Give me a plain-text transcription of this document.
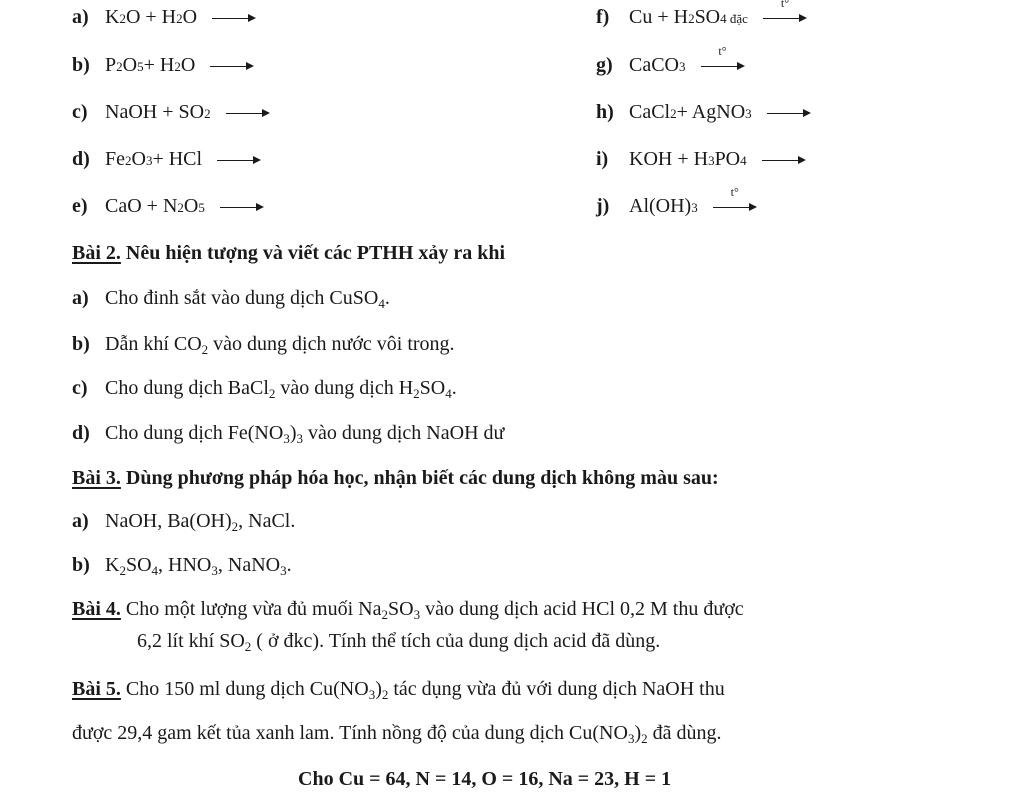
a) K 2 O + H 2 O

b) P 2 O 5 + H 2 O

c) NaOH + SO 2

d) Fe 2 O 3 + HCl

e) CaO + N 2 O 5

f) Cu + H 2 SO 4 đặc

t°
g) CaCO 3

t°
h) CaCl 2 + AgNO 3

i) KOH + H 3 PO 4

j) Al(OH) 3

t°
Bài 2. Nêu hiện tượng và viết các PTHH xảy ra khi
a) Cho đinh sắt vào dung dịch CuSO$_4$.
b) Dẫn khí $CO_2$ vào dung dịch nước vôi trong.
c) Cho dung dịch BaCl$_2$ vào dung dịch $H_2SO_4$.
d) Cho dung dịch $Fe(NO_3)_3$ vào dung dịch NaOH dư
Bài 3. Dùng phương pháp hóa học, nhận biết các dung dịch không màu sau:
a) NaOH, $Ba(OH)_2$, NaCl.
b) $K_2SO_4$, $HNO_3$, NaNO$_3$.
Bài 4. Cho một lượng vừa đủ muối $Na_2SO_3$ vào dung dịch acid HCl 0,2 M thu được
6,2 lít khí $SO_2$ ( ở đkc). Tính thể tích của dung dịch acid đã dùng.
Bài 5. Cho 150 ml dung dịch $Cu(NO_3)_2$ tác dụng vừa đủ với dung dịch NaOH thu
được 29,4 gam kết tủa xanh lam. Tính nồng độ của dung dịch $Cu(NO_3)_2$ đã dùng.
Cho Cu = 64, N = 14, O = 16, Na = 23, H = 1
